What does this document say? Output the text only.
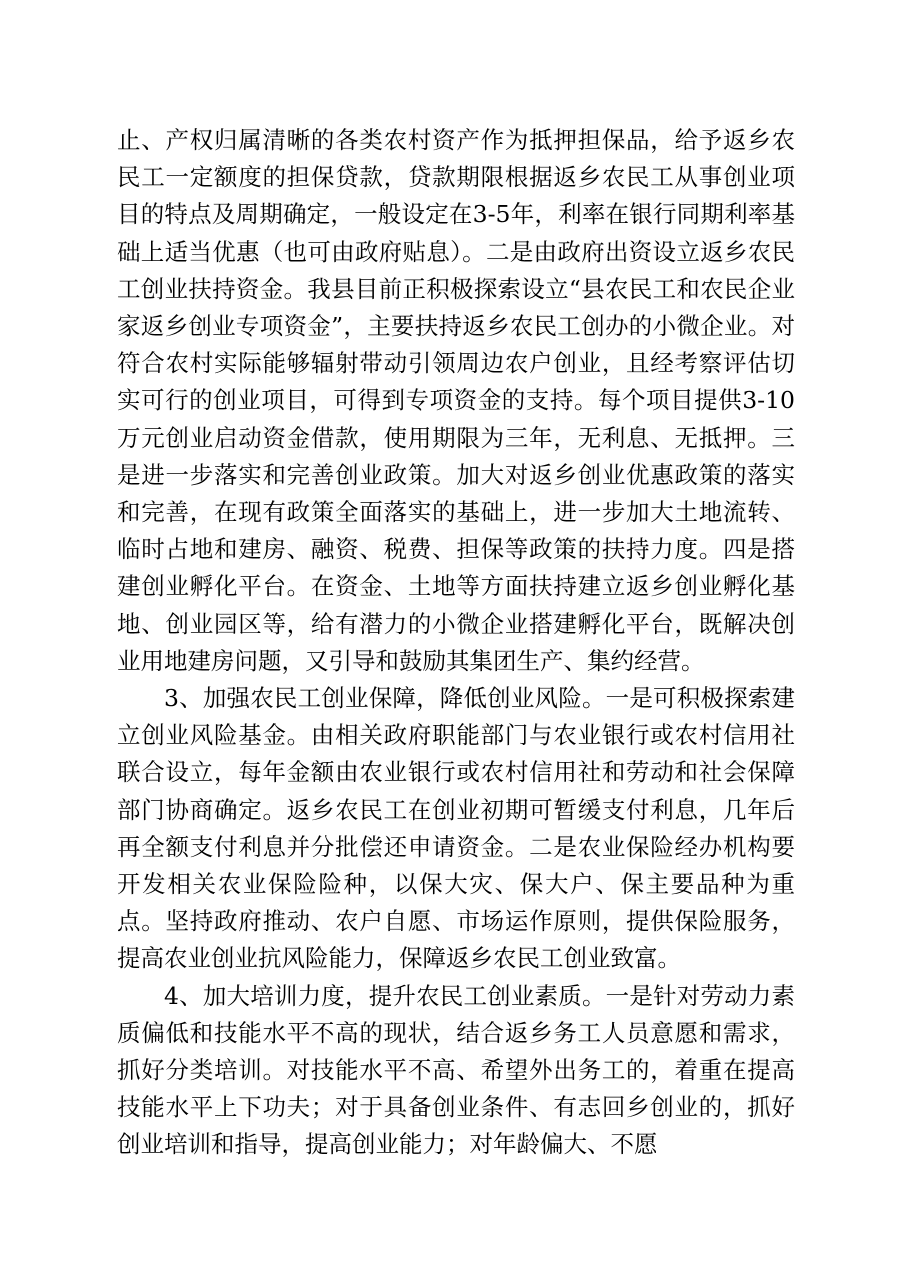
止、产权归属清晰的各类农村资产作为抵押担保品，给予返乡农民工一定额度的担保贷款，贷款期限根据返乡农民工从事创业项目的特点及周期确定，一般设定在3-5年，利率在银行同期利率基础上适当优惠（也可由政府贴息）。二是由政府出资设立返乡农民工创业扶持资金。我县目前正积极探索设立“县农民工和农民企业家返乡创业专项资金”，主要扶持返乡农民工创办的小微企业。对符合农村实际能够辐射带动引领周边农户创业，且经考察评估切实可行的创业项目，可得到专项资金的支持。每个项目提供3-10万元创业启动资金借款，使用期限为三年，无利息、无抵押。三是进一步落实和完善创业政策。加大对返乡创业优惠政策的落实和完善，在现有政策全面落实的基础上，进一步加大土地流转、临时占地和建房、融资、税费、担保等政策的扶持力度。四是搭建创业孵化平台。在资金、土地等方面扶持建立返乡创业孵化基地、创业园区等，给有潜力的小微企业搭建孵化平台，既解决创业用地建房问题，又引导和鼓励其集团生产、集约经营。

3、加强农民工创业保障，降低创业风险。一是可积极探索建立创业风险基金。由相关政府职能部门与农业银行或农村信用社联合设立，每年金额由农业银行或农村信用社和劳动和社会保障部门协商确定。返乡农民工在创业初期可暂缓支付利息，几年后再全额支付利息并分批偿还申请资金。二是农业保险经办机构要开发相关农业保险险种，以保大灾、保大户、保主要品种为重点。坚持政府推动、农户自愿、市场运作原则，提供保险服务，提高农业创业抗风险能力，保障返乡农民工创业致富。

4、加大培训力度，提升农民工创业素质。一是针对劳动力素质偏低和技能水平不高的现状，结合返乡务工人员意愿和需求，抓好分类培训。对技能水平不高、希望外出务工的，着重在提高技能水平上下功夫；对于具备创业条件、有志回乡创业的，抓好创业培训和指导，提高创业能力；对年龄偏大、不愿
